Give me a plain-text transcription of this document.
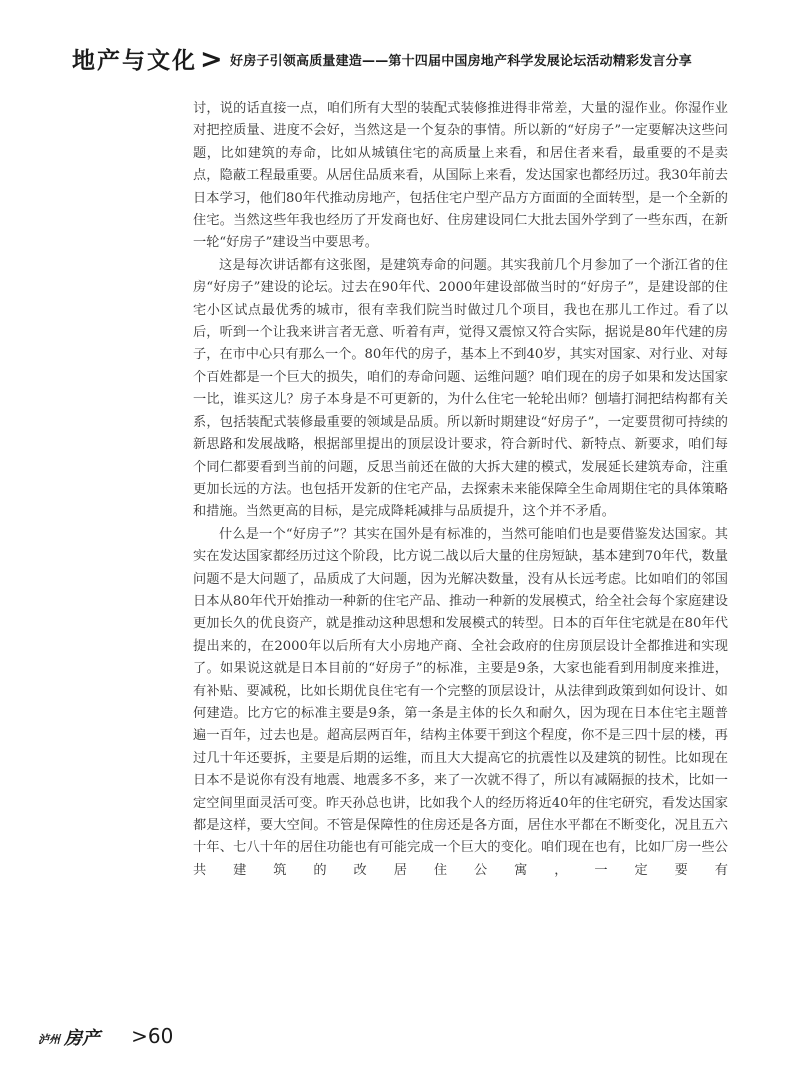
地产与文化 > 好房子引领高质量建造——第十四届中国房地产科学发展论坛活动精彩发言分享

讨，说的话直接一点，咱们所有大型的装配式装修推进得非常差，大量的湿作业。你湿作业对把控质量、进度不会好，当然这是一个复杂的事情。所以新的“好房子”一定要解决这些问题，比如建筑的寿命，比如从城镇住宅的高质量上来看，和居住者来看，最重要的不是卖点，隐蔽工程最重要。从居住品质来看，从国际上来看，发达国家也都经历过。我30年前去日本学习，他们80年代推动房地产，包括住宅户型产品方方面面的全面转型，是一个全新的住宅。当然这些年我也经历了开发商也好、住房建设同仁大批去国外学到了一些东西，在新一轮“好房子”建设当中要思考。

这是每次讲话都有这张图，是建筑寿命的问题。其实我前几个月参加了一个浙江省的住房“好房子”建设的论坛。过去在90年代、2000年建设部做当时的“好房子”，是建设部的住宅小区试点最优秀的城市，很有幸我们院当时做过几个项目，我也在那儿工作过。看了以后，听到一个让我来讲言者无意、听着有声，觉得又震惊又符合实际，据说是80年代建的房子，在市中心只有那么一个。80年代的房子，基本上不到40岁，其实对国家、对行业、对每个百姓都是一个巨大的损失，咱们的寿命问题、运维问题？咱们现在的房子如果和发达国家一比，谁买这儿？房子本身是不可更新的，为什么住宅一轮轮出师？刨墙打洞把结构都有关系，包括装配式装修最重要的领域是品质。所以新时期建设“好房子”，一定要贯彻可持续的新思路和发展战略，根据部里提出的顶层设计要求，符合新时代、新特点、新要求，咱们每个同仁都要看到当前的问题，反思当前还在做的大拆大建的模式，发展延长建筑寿命，注重更加长远的方法。也包括开发新的住宅产品，去探索未来能保障全生命周期住宅的具体策略和措施。当然更高的目标，是完成降耗减排与品质提升，这个并不矛盾。

什么是一个“好房子”？其实在国外是有标准的，当然可能咱们也是要借鉴发达国家。其实在发达国家都经历过这个阶段，比方说二战以后大量的住房短缺，基本建到70年代，数量问题不是大问题了，品质成了大问题，因为光解决数量，没有从长远考虑。比如咱们的邻国日本从80年代开始推动一种新的住宅产品、推动一种新的发展模式，给全社会每个家庭建设更加长久的优良资产，就是推动这种思想和发展模式的转型。日本的百年住宅就是在80年代提出来的，在2000年以后所有大小房地产商、全社会政府的住房顶层设计全都推进和实现了。如果说这就是日本目前的“好房子”的标准，主要是9条，大家也能看到用制度来推进，有补贴、要减税，比如长期优良住宅有一个完整的顶层设计，从法律到政策到如何设计、如何建造。比方它的标准主要是9条，第一条是主体的长久和耐久，因为现在日本住宅主题普遍一百年，过去也是。超高层两百年，结构主体要干到这个程度，你不是三四十层的楼，再过几十年还要拆，主要是后期的运维，而且大大提高它的抗震性以及建筑的韧性。比如现在日本不是说你有没有地震、地震多不多，来了一次就不得了，所以有减隔振的技术，比如一定空间里面灵活可变。昨天孙总也讲，比如我个人的经历将近40年的住宅研究，看发达国家都是这样，要大空间。不管是保障性的住房还是各方面，居住水平都在不断变化，况且五六十年、七八十年的居住功能也有可能完成一个巨大的变化。咱们现在也有，比如厂房一些公共建筑的改居住公寓，一定要有

泸州 房产 >60
